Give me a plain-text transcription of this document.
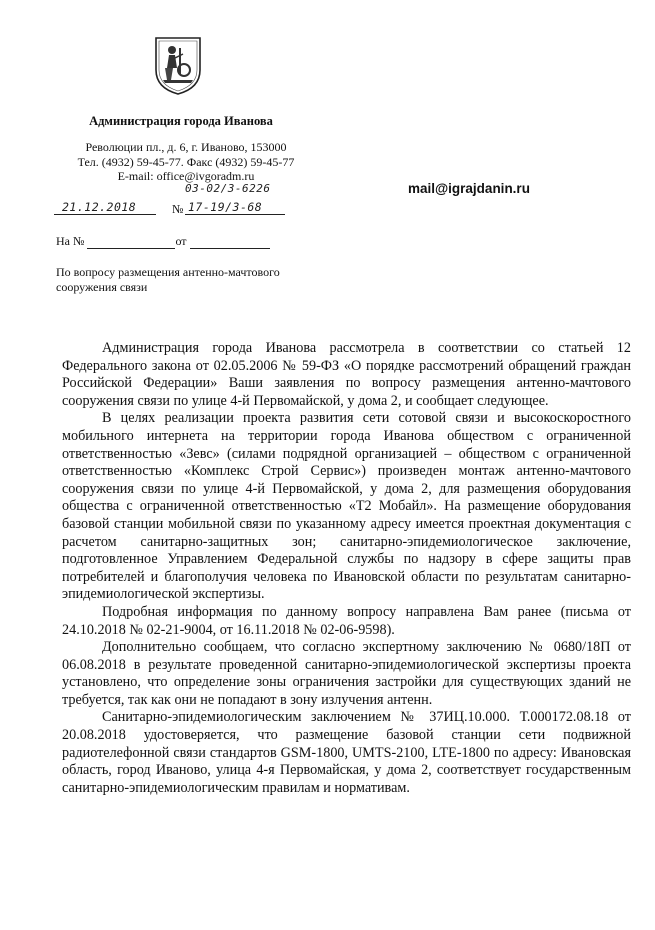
Администрация города Иванова
Революции пл., д. 6, г. Иваново, 153000
Тел. (4932) 59-45-77. Факс (4932) 59-45-77
E-mail: office@ivgoradm.ru
03-02/3-6226
21.12.2018	№ 17-19/3-68
На №	от
mail@igrajdanin.ru
По вопросу размещения антенно-мачтового сооружения связи

Администрация города Иванова рассмотрела в соответствии со статьей 12 Федерального закона от 02.05.2006 № 59-ФЗ «О порядке рассмотрений обращений граждан Российской Федерации» Ваши заявления по вопросу размещения антенно-мачтового сооружения связи по улице 4-й Первомайской, у дома 2, и сообщает следующее.

В целях реализации проекта развития сети сотовой связи и высокоскоростного мобильного интернета на территории города Иванова обществом с ограниченной ответственностью «Зевс» (силами подрядной организацией – обществом с ограниченной ответственностью «Комплекс Строй Сервис») произведен монтаж антенно-мачтового сооружения связи по улице 4-й Первомайской, у дома 2, для размещения оборудования общества с ограниченной ответственностью «Т2 Мобайл». На размещение оборудования базовой станции мобильной связи по указанному адресу имеется проектная документация с расчетом санитарно-защитных зон; санитарно-эпидемиологическое заключение, подготовленное Управлением Федеральной службы по надзору в сфере защиты прав потребителей и благополучия человека по Ивановской области по результатам санитарно-эпидемиологической экспертизы.

Подробная информация по данному вопросу направлена Вам ранее (письма от 24.10.2018 № 02-21-9004, от 16.11.2018 № 02-06-9598).

Дополнительно сообщаем, что согласно экспертному заключению № 0680/18П от 06.08.2018 в результате проведенной санитарно-эпидемиологической экспертизы проекта установлено, что определение зоны ограничения застройки для существующих зданий не требуется, так как они не попадают в зону излучения антенн.

Санитарно-эпидемиологическим заключением № 37ИЦ.10.000. Т.000172.08.18 от 20.08.2018 удостоверяется, что размещение базовой станции сети подвижной радиотелефонной связи стандартов GSM-1800, UMTS-2100, LTE-1800 по адресу: Ивановская область, город Иваново, улица 4-я Первомайская, у дома 2, соответствует государственным санитарно-эпидемиологическим правилам и нормативам.
